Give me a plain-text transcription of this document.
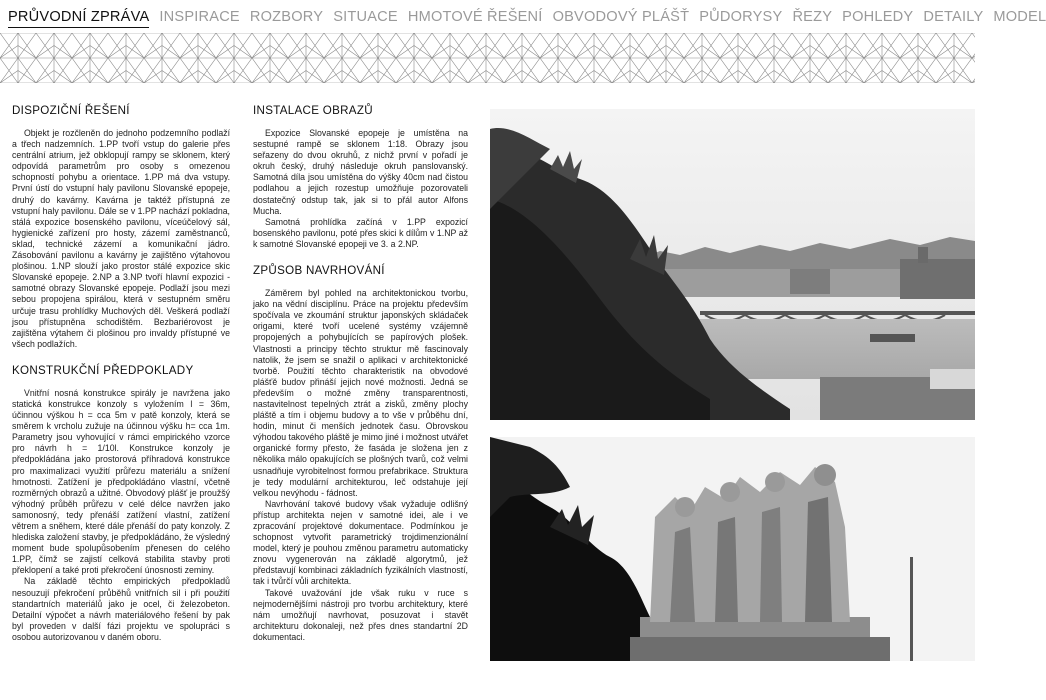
PRŮVODNÍ ZPRÁVA INSPIRACE ROZBORY SITUACE HMOTOVÉ ŘEŠENÍ OBVODOVÝ PLÁŠŤ PŮDORYSY ŘEZY POHLEDY DETAILY MODEL
DISPOZIČNÍ ŘEŠENÍ

Objekt je rozčleněn do jednoho podzemního podlaží a třech nadzemních. 1.PP tvoří vstup do galerie přes centrální atrium, jež obklopují rampy se sklonem, který odpovídá parametrům pro osoby s omezenou schopností pohybu a orientace. 1.PP má dva vstupy. První ústí do vstupní haly pavilonu Slovanské epopeje, druhý do kavárny. Kavárna je taktéž přístupná ze vstupní haly pavilonu. Dále se v 1.PP nachází pokladna, stálá expozice bosenského pavilonu, víceúčelový sál, hygienické zařízení pro hosty, zázemí zaměstnanců, sklad, technické zázemí a komunikační jádro. Zásobování pavilonu a kavárny je zajištěno výtahovou plošinou. 1.NP slouží jako prostor stálé expozice skic Slovanské epopeje. 2.NP a 3.NP tvoří hlavní expozici - samotné obrazy Slovanské epopeje. Podlaží jsou mezi sebou propojena spirálou, která v sestupném směru určuje trasu prohlídky Muchových děl. Veškerá podlaží jsou přístupněna schodištěm. Bezbariérovost je zajištěna výtahem či plošinou pro invaldy přístupné ve všech podlažích.

KONSTRUKČNÍ PŘEDPOKLADY

Vnitřní nosná konstrukce spirály je navržena jako statická konstrukce konzoly s vyložením l = 36m, účinnou výškou h = cca 5m v patě konzoly, která se směrem k vrcholu zužuje na účinnou výšku h= cca 1m. Parametry jsou vyhovující v rámci empirického vzorce pro návrh h = 1/10l. Konstrukce konzoly je předpokládána jako prostorová příhradová konstrukce pro maximalizaci využití průřezu materiálu a snížení hmotnosti. Zatížení je předpokládáno vlastní, včetně rozměrných obrazů a užitné. Obvodový plášť je proužšý výhodný průběh průřezu v celé délce navržen jako samonosný, tedy přenáší zatížení vlastní, zatížení větrem a sněhem, které dále přenáší do paty konzoly. Z hlediska založení stavby, je předpokládáno, že výsledný moment bude spolupůsobením přenesen do celého 1.PP, čímž se zajistí celková stabilita stavby proti překlopení a také proti překročení únosnosti zeminy.

Na základě těchto empirických předpokladů nesouzují překročení průběhů vnitřních sil i při použití standartních materiálů jako je ocel, či železobeton. Detailní výpočet a návrh materiálového řešení by pak byl proveden v další fázi projektu ve spolupráci s osobou autorizovanou v daném oboru.

INSTALACE OBRAZŮ

Expozice Slovanské epopeje je umístěna na sestupné rampě se sklonem 1:18. Obrazy jsou seřazeny do dvou okruhů, z nichž první v pořadí je okruh český, druhý následuje okruh panslovanský. Samotná díla jsou umístěna do výšky 40cm nad čistou podlahou a jejich rozestup umožňuje pozorovateli dostatečný odstup tak, jak si to přál autor Alfons Mucha.

Samotná prohlídka začíná v 1.PP expozicí bosenského pavilonu, poté přes skici k dílům v 1.NP až k samotné Slovanské epopeji ve 3. a 2.NP.

ZPŮSOB NAVRHOVÁNÍ

Záměrem byl pohled na architektonickou tvorbu, jako na vědní disciplínu. Práce na projektu především spočívala ve zkoumání struktur japonských skládaček origami, které tvoří ucelené systémy vzájemně propojených a pohybujících se papírových plošek. Vlastnosti a principy těchto struktur mě fascinovaly natolik, že jsem se snažil o aplikaci v architektonické tvorbě. Použití těchto charakteristik na obvodové plášťě budov přináší jejich nové možnosti. Jedná se především o možné změny transparentnosti, nastavitelnost tepelných ztrát a zisků, změny plochy pláště a tím i objemu budovy a to vše v průběhu dní, hodin, minut či menších jednotek času. Obrovskou výhodou takového pláště je mimo jiné i možnost utvářet organické formy přesto, že fasáda je složena jen z několika málo opakujících se plošných tvarů, což velmi usnadňuje vyrobitelnost formou prefabrikace. Struktura je tedy modulární architekturou, leč odstahuje její velkou nevýhodu - fádnost.

Navrhování takové budovy však vyžaduje odlišný přístup architekta nejen v samotné idei, ale i ve zpracování projektové dokumentace. Podmínkou je schopnost vytvořit parametrický trojdimenzionální model, který je pouhou změnou parametru automaticky znovu vygenerován na základě algorytmů, jež představují kombinaci základních fyzikálních vlastností, tak i tvůrčí vůli architekta.

Takové uvažování jde však ruku v ruce s nejmodernějšími nástroji pro tvorbu architektury, které nám umožňují navrhovat, posuzovat i stavět architekturu dokonaleji, než přes dnes standartní 2D dokumentaci.
